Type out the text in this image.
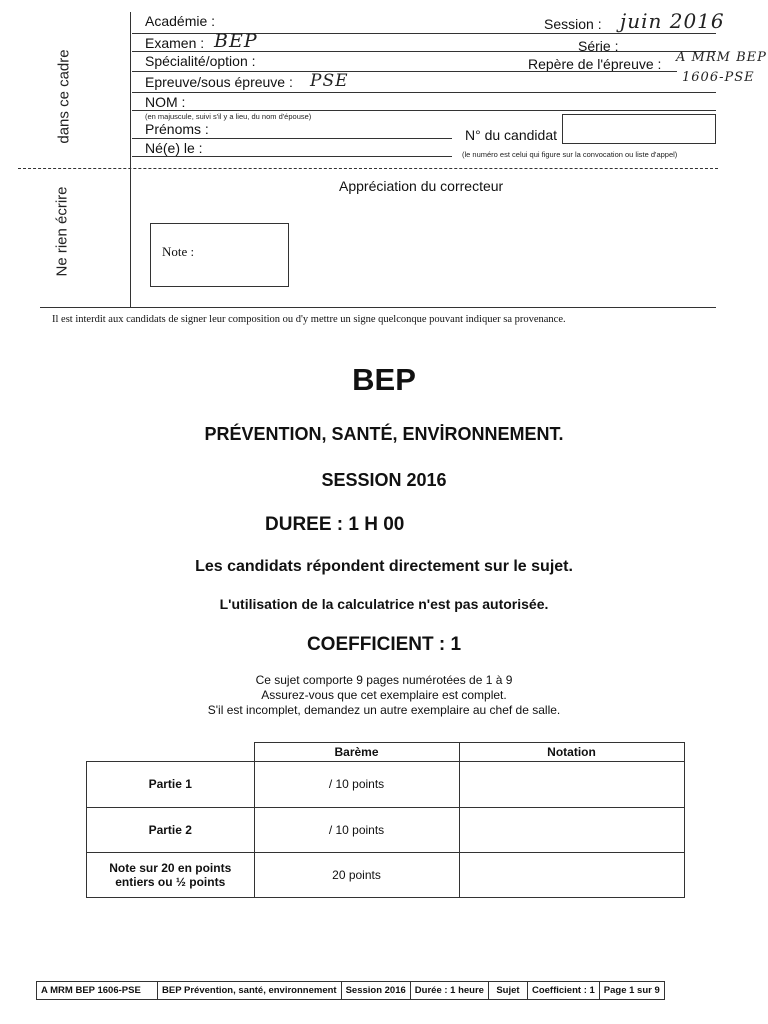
dans ce cadre
Ne rien écrire
Académie :	Session : juin 2016
Examen : BEP	Série :
Spécialité/option :	Repère de l'épreuve : A MRM BEP
1606-PSE
Epreuve/sous épreuve : PSE
NOM :
(en majuscule, suivi s'il y a lieu, du nom d'épouse)
Prénoms :	N° du candidat
Né(e) le :	(le numéro est celui qui figure sur la convocation ou liste d'appel)
Appréciation du correcteur
Note :
Il est interdit aux candidats de signer leur composition ou d'y mettre un signe quelconque pouvant indiquer sa provenance.
BEP
PRÉVENTION, SANTÉ, ENVİRONNEMENT.
SESSION 2016
DUREE : 1 H 00
Les candidats répondent directement sur le sujet.
L'utilisation de la calculatrice n'est pas autorisée.
COEFFICIENT : 1
Ce sujet comporte 9 pages numérotées de 1 à 9
Assurez-vous que cet exemplaire est complet.
S'il est incomplet, demandez un autre exemplaire au chef de salle.
	Barème	Notation
Partie 1	/ 10 points	
Partie 2	/ 10 points	
Note sur 20 en points entiers ou ½ points	20 points	
A MRM BEP 1606-PSE	BEP Prévention, santé, environnement	Session 2016	Durée : 1 heure	Sujet	Coefficient : 1	Page 1 sur 9
